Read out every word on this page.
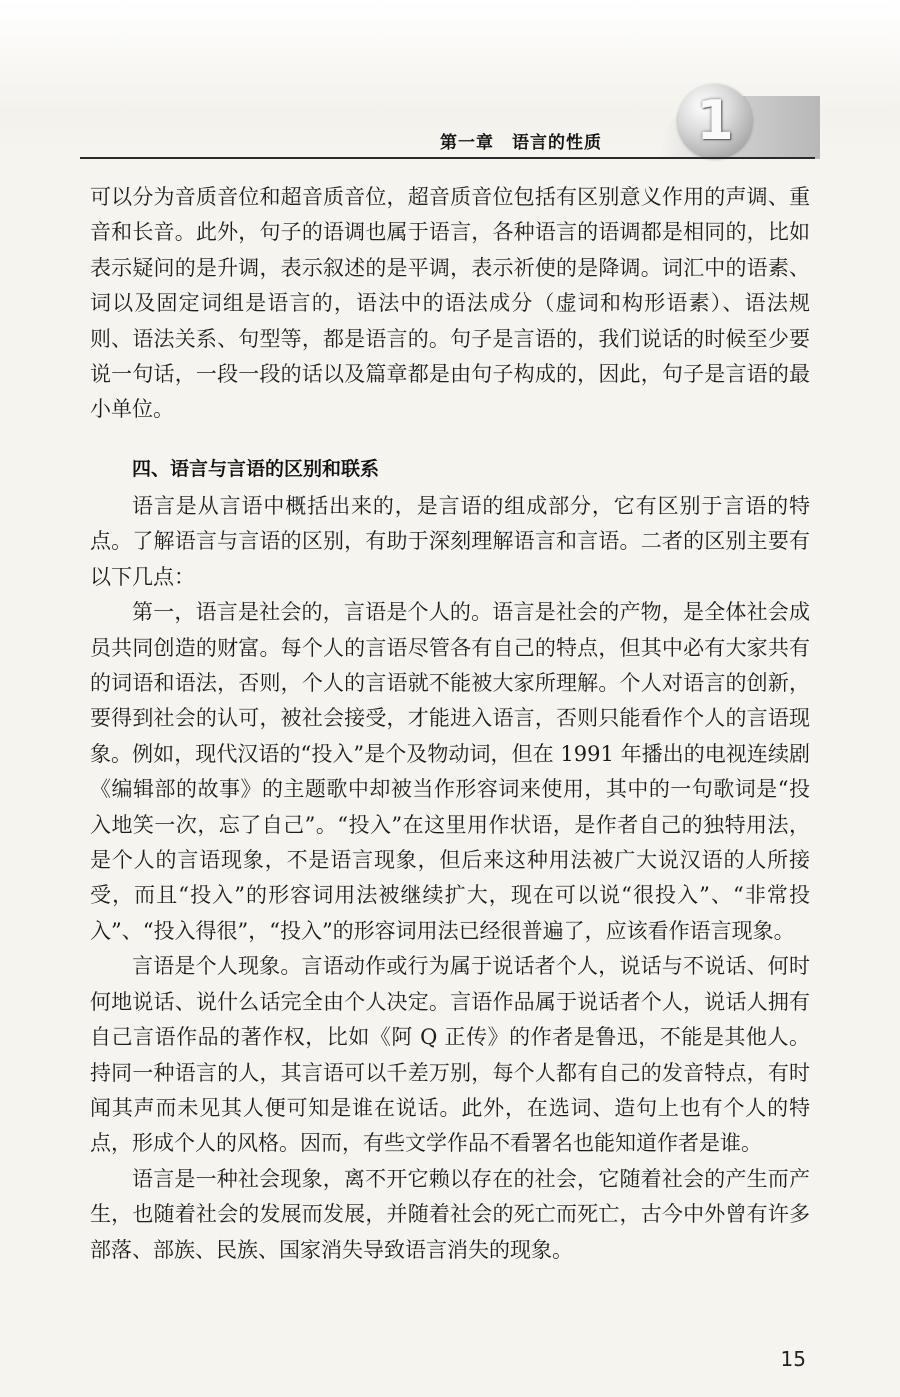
1
第一章　语言的性质

可以分为音质音位和超音质音位，超音质音位包括有区别意义作用的声调、重音和长音。此外，句子的语调也属于语言，各种语言的语调都是相同的，比如表示疑问的是升调，表示叙述的是平调，表示祈使的是降调。词汇中的语素、词以及固定词组是语言的，语法中的语法成分（虚词和构形语素）、语法规则、语法关系、句型等，都是语言的。句子是言语的，我们说话的时候至少要说一句话，一段一段的话以及篇章都是由句子构成的，因此，句子是言语的最小单位。

四、语言与言语的区别和联系

语言是从言语中概括出来的，是言语的组成部分，它有区别于言语的特点。了解语言与言语的区别，有助于深刻理解语言和言语。二者的区别主要有以下几点：

第一，语言是社会的，言语是个人的。语言是社会的产物，是全体社会成员共同创造的财富。每个人的言语尽管各有自己的特点，但其中必有大家共有的词语和语法，否则，个人的言语就不能被大家所理解。个人对语言的创新，要得到社会的认可，被社会接受，才能进入语言，否则只能看作个人的言语现象。例如，现代汉语的“投入”是个及物动词，但在 1991 年播出的电视连续剧《编辑部的故事》的主题歌中却被当作形容词来使用，其中的一句歌词是“投入地笑一次，忘了自己”。“投入”在这里用作状语，是作者自己的独特用法，是个人的言语现象，不是语言现象，但后来这种用法被广大说汉语的人所接受，而且“投入”的形容词用法被继续扩大，现在可以说“很投入”、“非常投入”、“投入得很”，“投入”的形容词用法已经很普遍了，应该看作语言现象。

言语是个人现象。言语动作或行为属于说话者个人，说话与不说话、何时何地说话、说什么话完全由个人决定。言语作品属于说话者个人，说话人拥有自己言语作品的著作权，比如《阿 Q 正传》的作者是鲁迅，不能是其他人。持同一种语言的人，其言语可以千差万别，每个人都有自己的发音特点，有时闻其声而未见其人便可知是谁在说话。此外，在选词、造句上也有个人的特点，形成个人的风格。因而，有些文学作品不看署名也能知道作者是谁。

语言是一种社会现象，离不开它赖以存在的社会，它随着社会的产生而产生，也随着社会的发展而发展，并随着社会的死亡而死亡，古今中外曾有许多部落、部族、民族、国家消失导致语言消失的现象。

15
